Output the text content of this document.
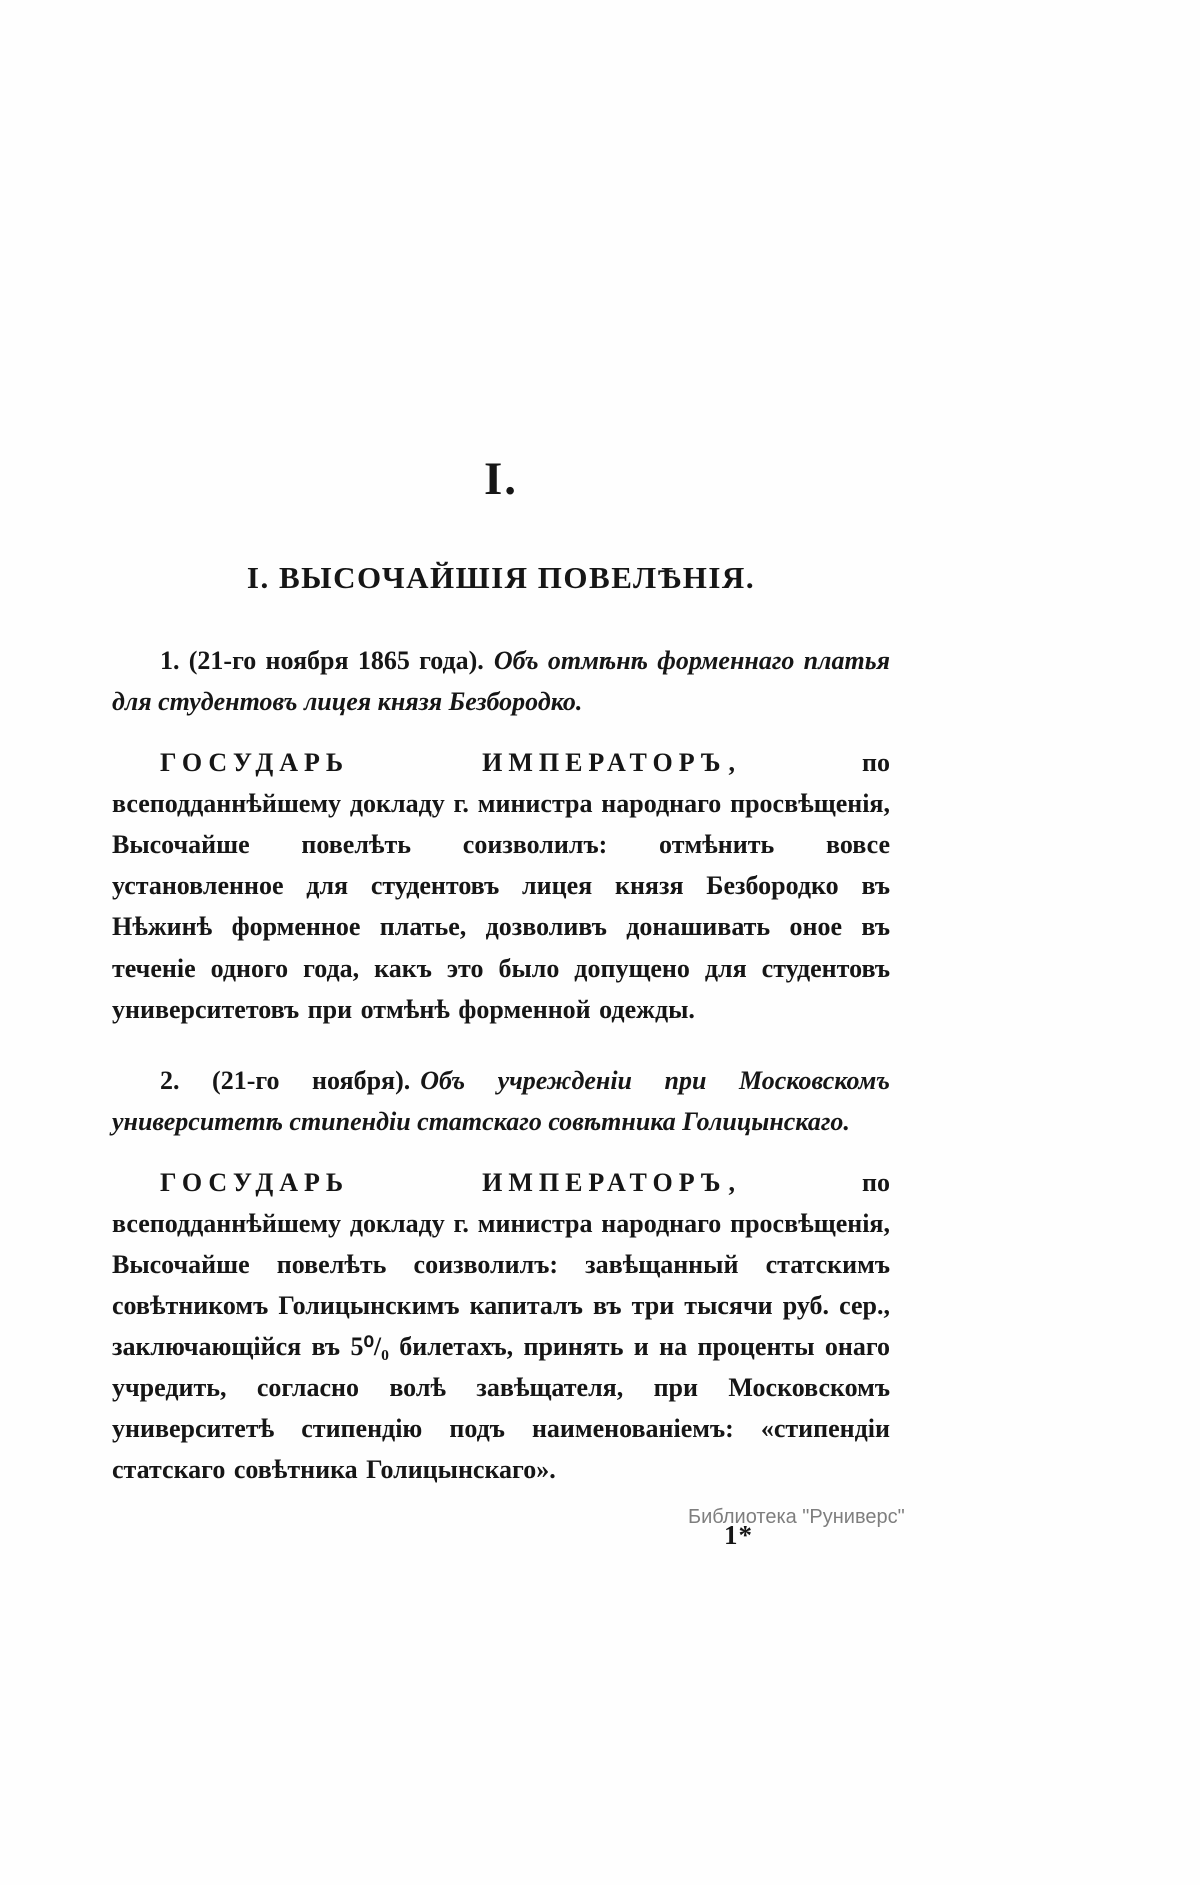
I.
І. ВЫСОЧАЙШІЯ ПОВЕЛѢНІЯ.

1. (21-го ноября 1865 года). Объ отмѣнѣ форменнаго платья для студентовъ лицея князя Безбородко.

ГОСУДАРЬ ИМПЕРАТОРЪ, по всеподданнѣйшему докладу г. министра народнаго просвѣщенія, Высочайше повелѣть соизволилъ: отмѣнить вовсе установленное для студентовъ лицея князя Безбородко въ Нѣжинѣ форменное платье, дозволивъ донашивать оное въ теченіе одного года, какъ это было допущено для студентовъ университетовъ при отмѣнѣ форменной одежды.

2. (21-го ноября). Объ учрежденіи при Московскомъ университетѣ стипендіи статскаго совѣтника Голицынскаго.

ГОСУДАРЬ ИМПЕРАТОРЪ, по всеподданнѣйшему докладу г. министра народнаго просвѣщенія, Высочайше повелѣть соизволилъ: завѣщанный статскимъ совѣтникомъ Голицынскимъ капиталъ въ три тысячи руб. сер., заключающійся въ 5⁰/₀ билетахъ, принять и на проценты онаго учредить, согласно волѣ завѣщателя, при Московскомъ университетѣ стипендію подъ наименованіемъ: «стипендіи статскаго совѣтника Голицынскаго».

1*
Библиотека "Руниверс"
